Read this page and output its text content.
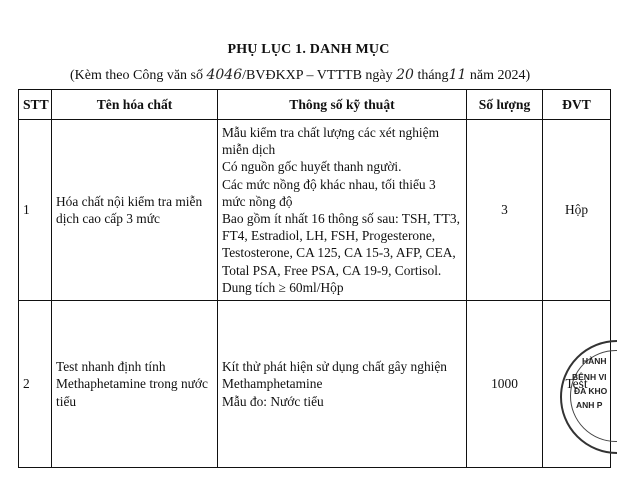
PHỤ LỤC 1. DANH MỤC
(Kèm theo Công văn số 4046/BVĐKXP – VTTTB ngày 20 tháng11 năm 2024)
STT	Tên hóa chất	Thông số kỹ thuật	Số lượng	ĐVT
1	Hóa chất nội kiểm tra miễn dịch cao cấp 3 mức	Mẫu kiểm tra chất lượng các xét nghiệm miễn dịch
Có nguồn gốc huyết thanh người.
Các mức nồng độ khác nhau, tối thiểu 3 mức nồng độ
Bao gồm ít nhất 16 thông số sau: TSH, TT3, FT4, Estradiol, LH, FSH, Progesterone, Testosterone, CA 125, CA 15-3, AFP, CEA, Total PSA, Free PSA, CA 19-9, Cortisol.
Dung tích ≥ 60ml/Hộp	3	Hộp
2	Test nhanh định tính Methaphetamine trong nước tiểu	Kít thử phát hiện sử dụng chất gây nghiện Methamphetamine
Mẫu đo: Nước tiểu	1000	Test
HÀNH
BỆNH VI
ĐA KHO
ANH P
